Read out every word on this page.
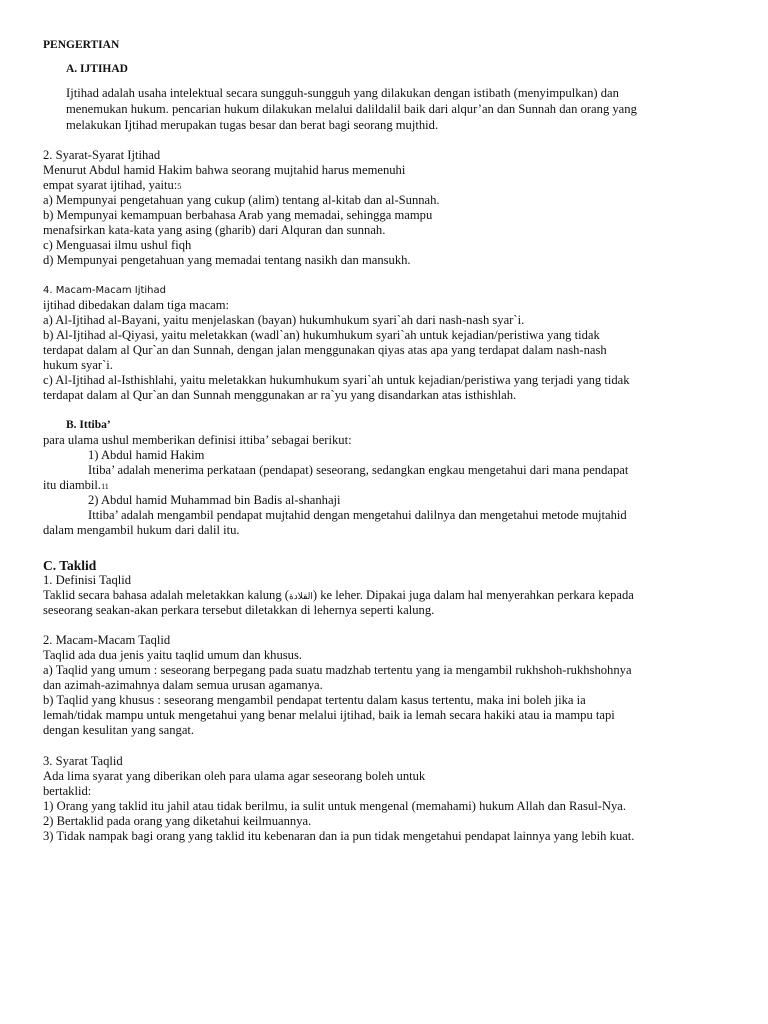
PENGERTIAN
A. IJTIHAD
Ijtihad adalah usaha intelektual secara sungguh-sungguh yang dilakukan dengan istibath (menyimpulkan) dan
menemukan hukum. pencarian hukum dilakukan melalui dalildalil baik dari alqur’an dan Sunnah dan orang yang
melakukan Ijtihad merupakan tugas besar dan berat bagi seorang mujthid.
2. Syarat-Syarat Ijtihad
Menurut Abdul hamid Hakim bahwa seorang mujtahid harus memenuhi
empat syarat ijtihad, yaitu:5
a) Mempunyai pengetahuan yang cukup (alim) tentang al-kitab dan al-Sunnah.
b) Mempunyai kemampuan berbahasa Arab yang memadai, sehingga mampu
menafsirkan kata-kata yang asing (gharib) dari Alquran dan sunnah.
c) Menguasai ilmu ushul fiqh
d) Mempunyai pengetahuan yang memadai tentang nasikh dan mansukh.
4. Macam-Macam Ijtihad
ijtihad dibedakan dalam tiga macam:
a) Al-Ijtihad al-Bayani, yaitu menjelaskan (bayan) hukumhukum syari`ah dari nash-nash syar`i.
b) Al-Ijtihad al-Qiyasi, yaitu meletakkan (wadl`an) hukumhukum syari`ah untuk kejadian/peristiwa yang tidak
terdapat dalam al Qur`an dan Sunnah, dengan jalan menggunakan qiyas atas apa yang terdapat dalam nash-nash
hukum syar`i.
c) Al-Ijtihad al-Isthishlahi, yaitu meletakkan hukumhukum syari`ah untuk kejadian/peristiwa yang terjadi yang tidak
terdapat dalam al Qur`an dan Sunnah menggunakan ar ra`yu yang disandarkan atas isthishlah.
B. Ittiba’
para ulama ushul memberikan definisi ittiba’ sebagai berikut:
1) Abdul hamid Hakim
Itiba’ adalah menerima perkataan (pendapat) seseorang, sedangkan engkau mengetahui dari mana pendapat
itu diambil.11
2) Abdul hamid Muhammad bin Badis al-shanhaji
Ittiba’ adalah mengambil pendapat mujtahid dengan mengetahui dalilnya dan mengetahui metode mujtahid
dalam mengambil hukum dari dalil itu.
C. Taklid
1. Definisi Taqlid
Taklid secara bahasa adalah meletakkan kalung (القلادة) ke leher. Dipakai juga dalam hal menyerahkan perkara kepada
seseorang seakan-akan perkara tersebut diletakkan di lehernya seperti kalung.
2. Macam-Macam Taqlid
Taqlid ada dua jenis yaitu taqlid umum dan khusus.
a) Taqlid yang umum : seseorang berpegang pada suatu madzhab tertentu yang ia mengambil rukhshoh-rukhshohnya
dan azimah-azimahnya dalam semua urusan agamanya.
b) Taqlid yang khusus : seseorang mengambil pendapat tertentu dalam kasus tertentu, maka ini boleh jika ia
lemah/tidak mampu untuk mengetahui yang benar melalui ijtihad, baik ia lemah secara hakiki atau ia mampu tapi
dengan kesulitan yang sangat.
3. Syarat Taqlid
Ada lima syarat yang diberikan oleh para ulama agar seseorang boleh untuk
bertaklid:
1) Orang yang taklid itu jahil atau tidak berilmu, ia sulit untuk mengenal (memahami) hukum Allah dan Rasul-Nya.
2) Bertaklid pada orang yang diketahui keilmuannya.
3) Tidak nampak bagi orang yang taklid itu kebenaran dan ia pun tidak mengetahui pendapat lainnya yang lebih kuat.
